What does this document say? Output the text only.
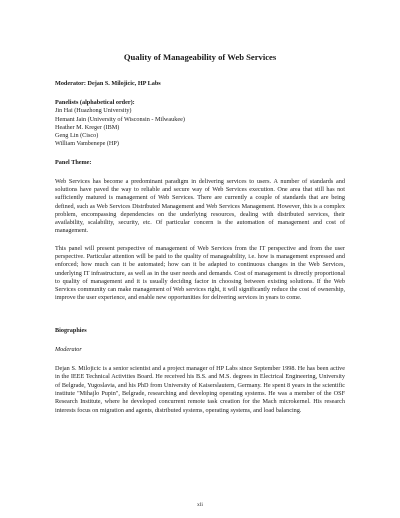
Quality of Manageability of Web Services
Moderator: Dejan S. Milojicic, HP Labs
Panelists (alphabetical order):
Jin Hai (Huazhong University)
Hemant Jain (University of Wisconsin - Milwaukee)
Heather M. Kreger (IBM)
Geng Lin (Cisco)
William Vambenepe (HP)
Panel Theme:

Web Services has become a predominant paradigm in delivering services to users. A number of standards and solutions have paved the way to reliable and secure way of Web Services execution. One area that still has not sufficiently matured is management of Web Services. There are currently a couple of standards that are being defined, such as Web Services Distributed Management and Web Services Management. However, this is a complex problem, encompassing dependencies on the underlying resources, dealing with distributed services, their availability, scalability, security, etc. Of particular concern is the automation of management and cost of management.

This panel will present perspective of management of Web Services from the IT perspective and from the user perspective. Particular attention will be paid to the quality of manageability, i.e. how is management expressed and enforced; how much can it be automated; how can it be adapted to continuous changes in the Web Services, underlying IT infrastructure, as well as in the user needs and demands. Cost of management is directly proportional to quality of management and it is usually deciding factor in choosing between existing solutions. If the Web Services community can make management of Web services right, it will significantly reduce the cost of ownership, improve the user experience, and enable new opportunities for delivering services in years to come.

Biographies
Moderator

Dejan S. Milojicic is a senior scientist and a project manager of HP Labs since September 1998. He has been active in the IEEE Technical Activities Board. He received his B.S. and M.S. degrees in Electrical Engineering, University of Belgrade, Yugoslavia, and his PhD from University of Kaiserslautern, Germany. He spent 8 years in the scientific institute "Mihajlo Pupin", Belgrade, researching and developing operating systems. He was a member of the OSF Research Institute, where he developed concurrent remote task creation for the Mach microkernel. His research interests focus on migration and agents, distributed systems, operating systems, and load balancing.

xli
